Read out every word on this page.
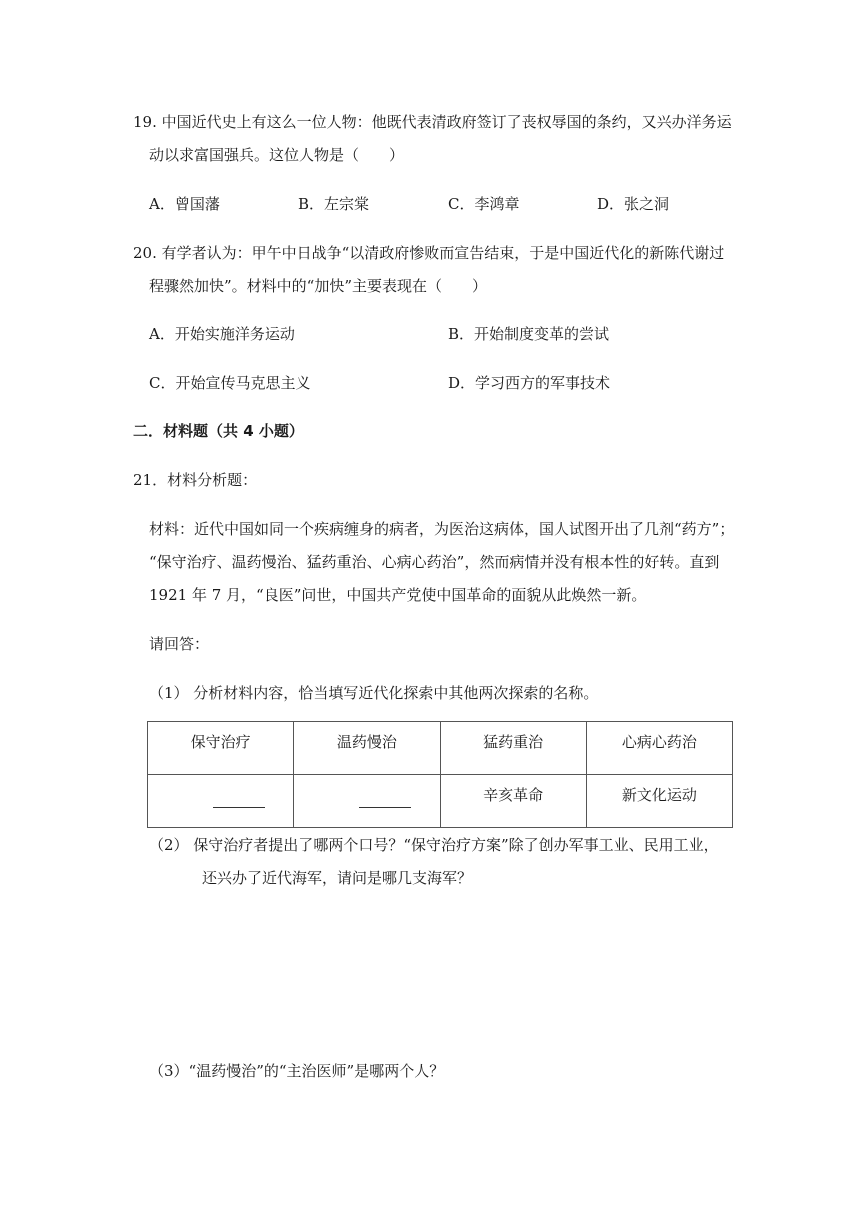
19. 中国近代史上有这么一位人物：他既代表清政府签订了丧权辱国的条约，又兴办洋务运
动以求富国强兵。这位人物是（　　）
A．曾国藩	B．左宗棠	C．李鸿章	D．张之洞
20. 有学者认为：甲午中日战争“以清政府惨败而宣告结束，于是中国近代化的新陈代谢过
程骤然加快”。材料中的“加快”主要表现在（　　）
A．开始实施洋务运动	B．开始制度变革的尝试
C．开始宣传马克思主义	D．学习西方的军事技术
二．材料题（共 4 小题）
21．材料分析题：
材料：近代中国如同一个疾病缠身的病者，为医治这病体，国人试图开出了几剂“药方”；
“保守治疗、温药慢治、猛药重治、心病心药治”，然而病情并没有根本性的好转。直到
1921 年 7 月，“良医”问世，中国共产党使中国革命的面貌从此焕然一新。
请回答：
（1） 分析材料内容，恰当填写近代化探索中其他两次探索的名称。
保守治疗	温药慢治	猛药重治	心病心药治
		辛亥革命	新文化运动
（2） 保守治疗者提出了哪两个口号？“保守治疗方案”除了创办军事工业、民用工业，
还兴办了近代海军，请问是哪几支海军？
（3）“温药慢治”的“主治医师”是哪两个人？
